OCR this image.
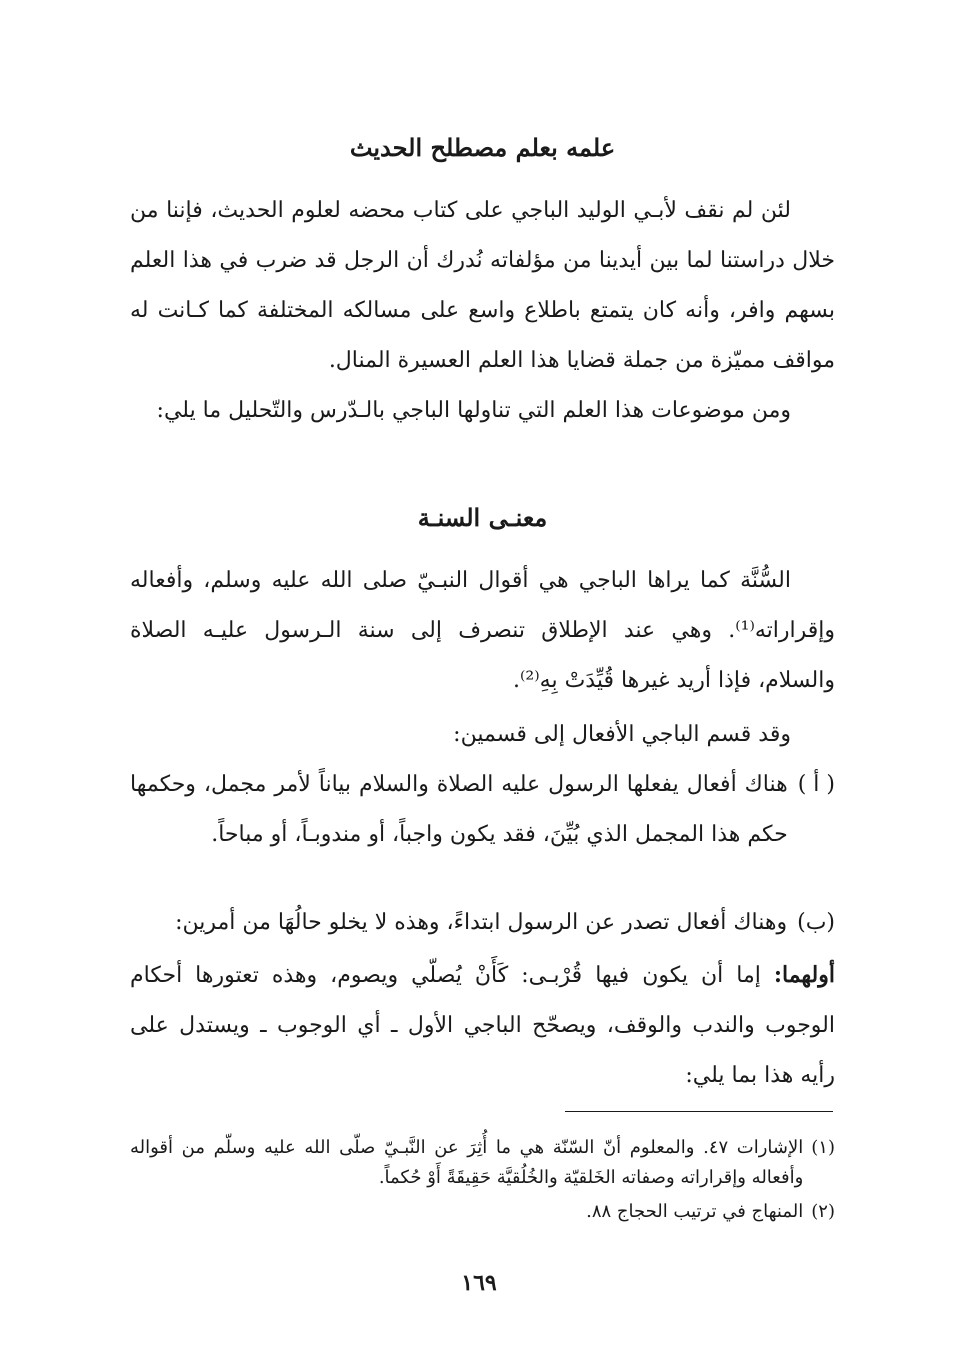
علمه بعلم مصطلح الحديث
لئن لم نقف لأبـي الوليد الباجي على كتاب محضه لعلوم الحديث، فإننا من خلال دراستنا لما بين أيدينا من مؤلفاته نُدرك أن الرجل قد ضرب في هذا العلم بسهم وافر، وأنه كان يتمتع باطلاع واسع على مسالكه المختلفة كما كـانت له مواقف مميّزة من جملة قضايا هذا العلم العسيرة المنال.
ومن موضوعات هذا العلم التي تناولها الباجي بالـدّرس والتّحليل ما يلي:
معنـى السنـة
السُّنَّة كما يراها الباجي هي أقوال النبـيّ صلى الله عليه وسلم، وأفعاله وإقراراته⁽¹⁾. وهي عند الإطلاق تنصرف إلى سنة الـرسول عليـه الصلاة والسلام، فإذا أريد غيرها قُيِّدَتْ بِهِ⁽²⁾.
وقد قسم الباجي الأفعال إلى قسمين:
( أ )
هناك أفعال يفعلها الرسول عليه الصلاة والسلام بياناً لأمر مجمل، وحكمها حكم هذا المجمل الذي بُيِّنَ، فقد يكون واجباً، أو مندوبـاً، أو مباحاً.
(ب)
وهناك أفعال تصدر عن الرسول ابتداءً، وهذه لا يخلو حالُهَا من أمرين:
أولهما: إما أن يكون فيها قُرْبـى: كَأَنْ يُصلّي ويصوم، وهذه تعتورها أحكام الوجوب والندب والوقف، ويصحّح الباجي الأول ـ أي الوجوب ـ ويستدل على رأيه هذا بما يلي:
(١)
الإشارات ٤٧. والمعلوم أنّ السّنّة هي ما أُثِرَ عن النَّبـيّ صلّى الله عليه وسلّم من أقواله وأفعاله وإقراراته وصفاته الخَلقيّة والخُلُقيَّة حَقِيقَةً أَوْ حُكماً.
(٢)
المنهاج في ترتيب الحجاج ٨٨.
١٦٩
